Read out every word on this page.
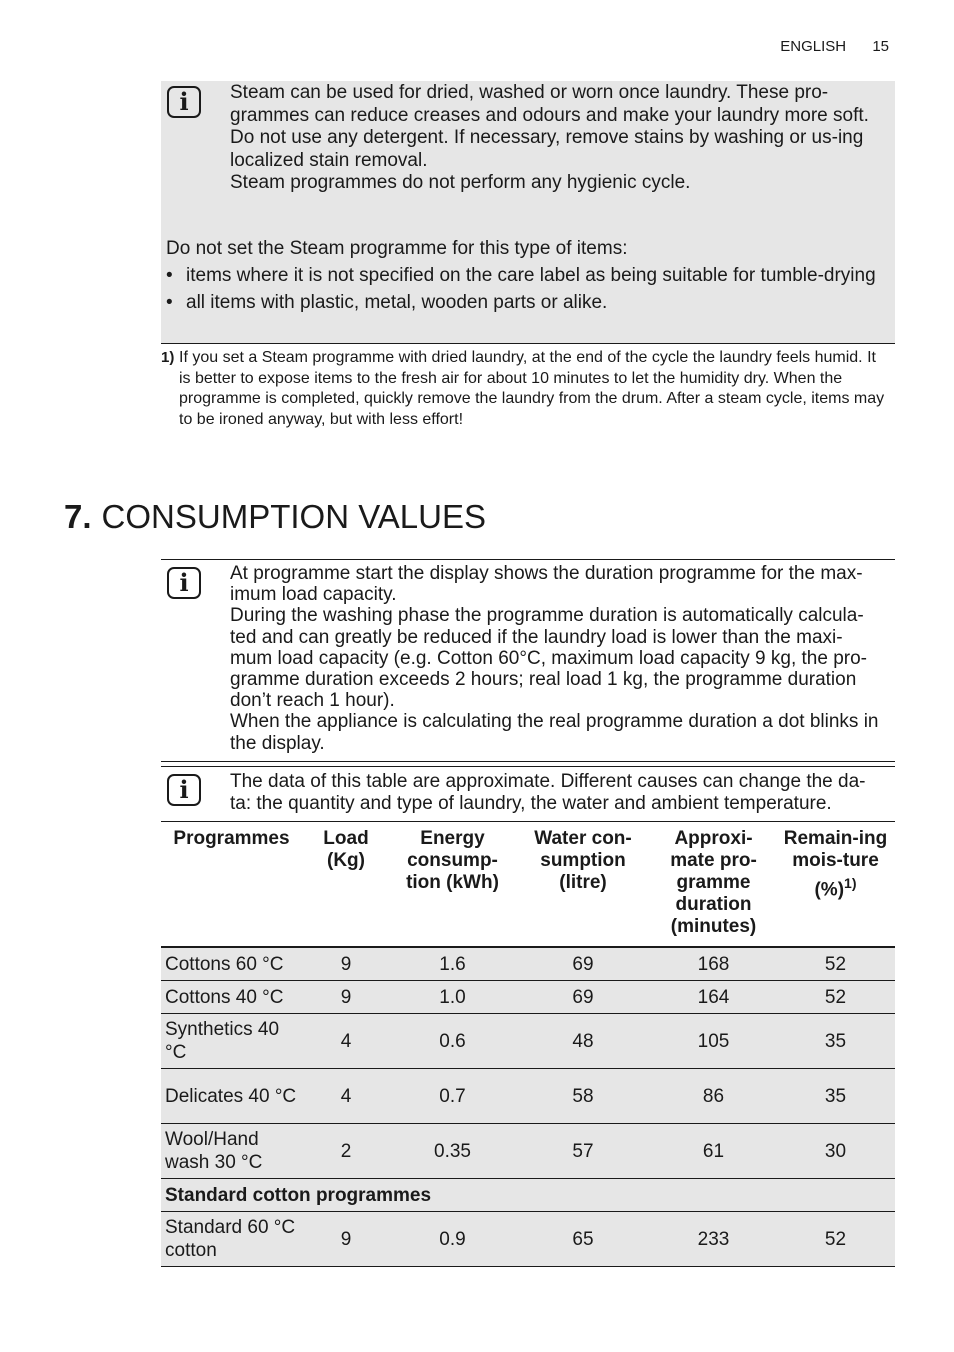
ENGLISH 15
i	Steam can be used for dried, washed or worn once laundry. These pro-grammes can reduce creases and odours and make your laundry more soft.

Do not use any detergent. If necessary, remove stains by washing or us-ing localized stain removal.

Steam programmes do not perform any hygienic cycle.

Do not set the Steam programme for this type of items:

• items where it is not specified on the care label as being suitable for tumble-drying
• all items with plastic, metal, wooden parts or alike.
1) If you set a Steam programme with dried laundry, at the end of the cycle the laundry feels humid. It is better to expose items to the fresh air for about 10 minutes to let the humidity dry. When the programme is completed, quickly remove the laundry from the drum. After a steam cycle, items may to be ironed anyway, but with less effort!
7. CONSUMPTION VALUES
i	At programme start the display shows the duration programme for the max-imum load capacity.

During the washing phase the programme duration is automatically calcula-ted and can greatly be reduced if the laundry load is lower than the maxi-mum load capacity (e.g. Cotton 60°C, maximum load capacity 9 kg, the pro-gramme duration exceeds 2 hours; real load 1 kg, the programme duration don’t reach 1 hour).

When the appliance is calculating the real programme duration a dot blinks in the display.

i	The data of this table are approximate. Different causes can change the da-ta: the quantity and type of laundry, the water and ambient temperature.
Programmes	Load (Kg)	Energy consump-tion (kWh)	Water con-sumption (litre)	Approxi-mate pro-gramme duration (minutes)	Remain-ing mois-ture (%)$^{1)}$
Cottons 60 °C	9	1.6	69	168	52
Cottons 40 °C	9	1.0	69	164	52
Synthetics 40 °C	4	0.6	48	105	35
Delicates 40 °C	4	0.7	58	86	35
Wool/Hand wash 30 °C	2	0.35	57	61	30
Standard cotton programmes					
Standard 60 °C cotton	9	0.9	65	233	52
